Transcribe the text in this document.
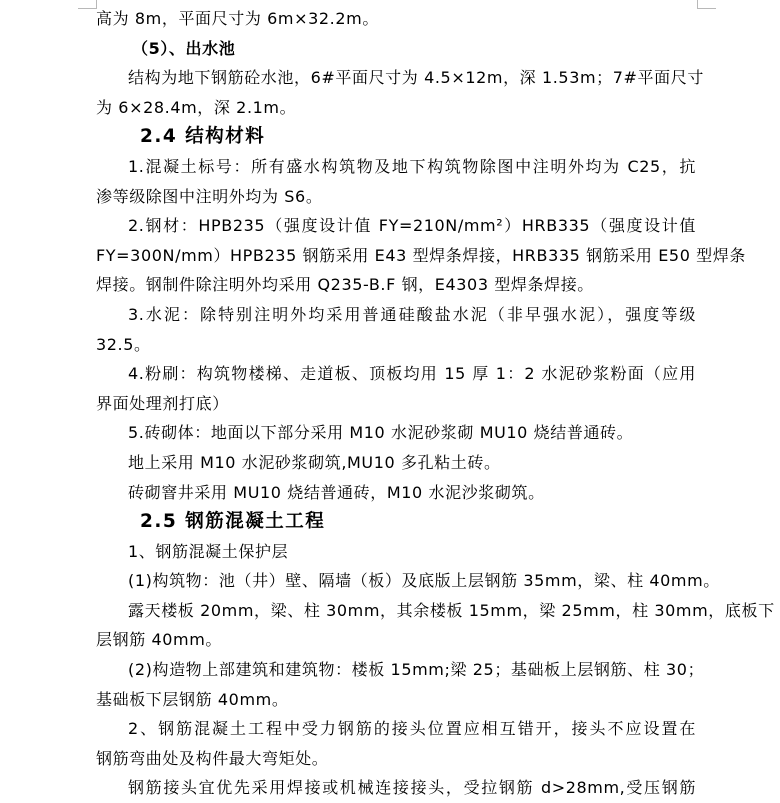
高为 8m，平面尺寸为 6m×32.2m。
（5）、出水池
结构为地下钢筋砼水池，6#平面尺寸为 4.5×12m，深 1.53m；7#平面尺寸
为 6×28.4m，深 2.1m。
2.4 结构材料
1.混凝土标号：所有盛水构筑物及地下构筑物除图中注明外均为 C25，抗
渗等级除图中注明外均为 S6。
2.钢材：HPB235（强度设计值 FY=210N/mm²）HRB335（强度设计值
FY=300N/mm）HPB235 钢筋采用 E43 型焊条焊接，HRB335 钢筋采用 E50 型焊条
焊接。钢制件除注明外均采用 Q235-B.F 钢，E4303 型焊条焊接。
3.水泥：除特别注明外均采用普通硅酸盐水泥（非早强水泥），强度等级
32.5。
4.粉刷：构筑物楼梯、走道板、顶板均用 15 厚 1：2 水泥砂浆粉面（应用
界面处理剂打底）
5.砖砌体：地面以下部分采用 M10 水泥砂浆砌 MU10 烧结普通砖。
地上采用 M10 水泥砂浆砌筑,MU10 多孔粘土砖。
砖砌窨井采用 MU10 烧结普通砖，M10 水泥沙浆砌筑。
2.5 钢筋混凝土工程
1、钢筋混凝土保护层
(1)构筑物：池（井）壁、隔墙（板）及底版上层钢筋 35mm，梁、柱 40mm。
露天楼板 20mm，梁、柱 30mm，其余楼板 15mm，梁 25mm，柱 30mm，底板下
层钢筋 40mm。
(2)构造物上部建筑和建筑物：楼板 15mm;梁 25；基础板上层钢筋、柱 30；
基础板下层钢筋 40mm。
2、钢筋混凝土工程中受力钢筋的接头位置应相互错开，接头不应设置在
钢筋弯曲处及构件最大弯矩处。
钢筋接头宜优先采用焊接或机械连接接头，受拉钢筋 d>28mm,受压钢筋
